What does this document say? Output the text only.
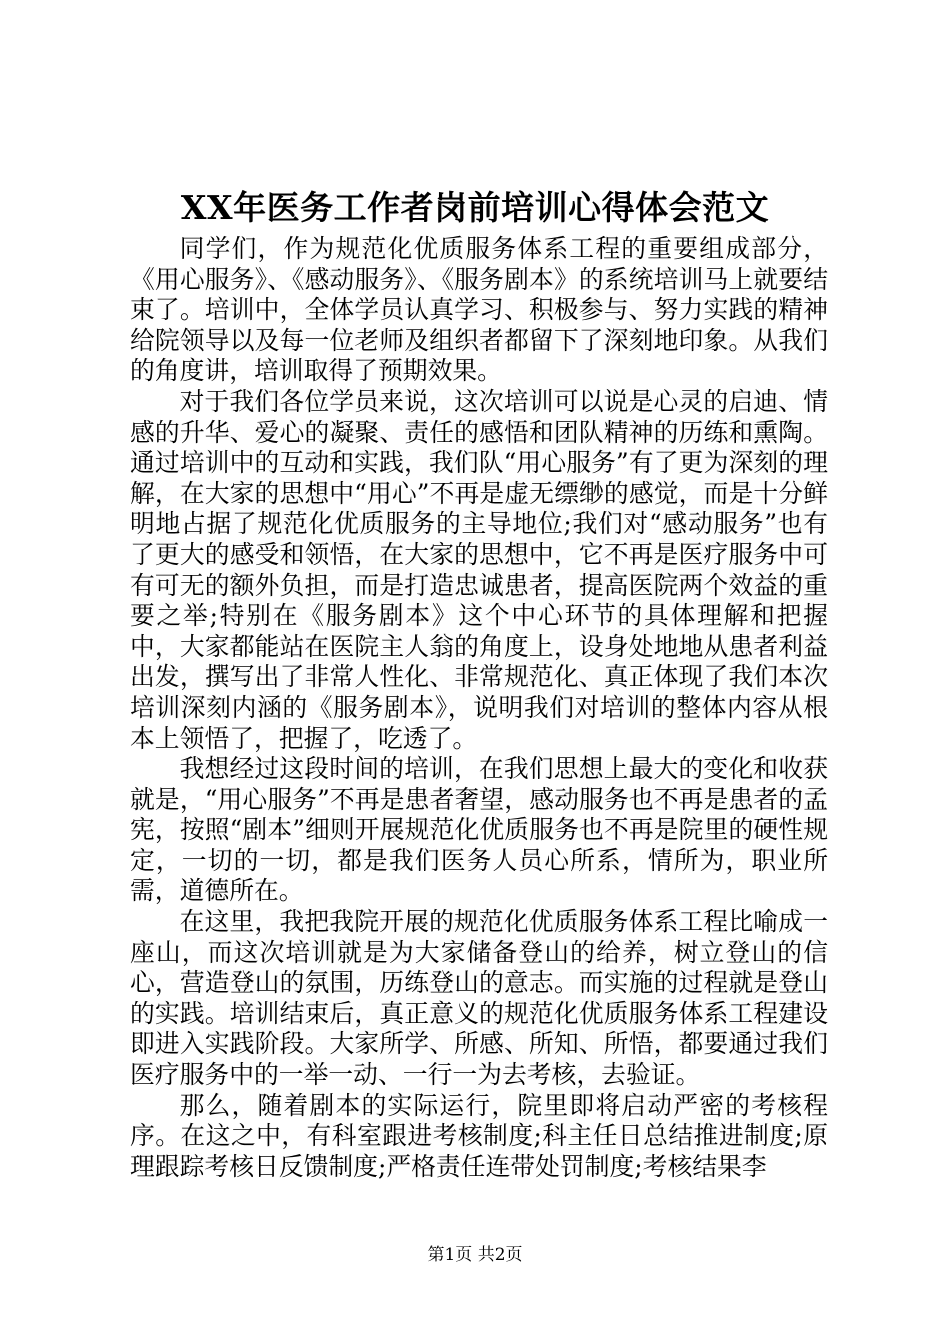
XX年医务工作者岗前培训心得体会范文

同学们，作为规范化优质服务体系工程的重要组成部分，《用心服务》、《感动服务》、《服务剧本》的系统培训马上就要结束了。培训中，全体学员认真学习、积极参与、努力实践的精神给院领导以及每一位老师及组织者都留下了深刻地印象。从我们的角度讲，培训取得了预期效果。

对于我们各位学员来说，这次培训可以说是心灵的启迪、情感的升华、爱心的凝聚、责任的感悟和团队精神的历练和熏陶。通过培训中的互动和实践，我们队“用心服务”有了更为深刻的理解，在大家的思想中“用心”不再是虚无缥缈的感觉，而是十分鲜明地占据了规范化优质服务的主导地位;我们对“感动服务”也有了更大的感受和领悟，在大家的思想中，它不再是医疗服务中可有可无的额外负担，而是打造忠诚患者，提高医院两个效益的重要之举;特别在《服务剧本》这个中心环节的具体理解和把握中，大家都能站在医院主人翁的角度上，设身处地地从患者利益出发，撰写出了非常人性化、非常规范化、真正体现了我们本次培训深刻内涵的《服务剧本》，说明我们对培训的整体内容从根本上领悟了，把握了，吃透了。

我想经过这段时间的培训，在我们思想上最大的变化和收获就是，“用心服务”不再是患者奢望，感动服务也不再是患者的孟宪，按照“剧本”细则开展规范化优质服务也不再是院里的硬性规定，一切的一切，都是我们医务人员心所系，情所为，职业所需，道德所在。

在这里，我把我院开展的规范化优质服务体系工程比喻成一座山，而这次培训就是为大家储备登山的给养，树立登山的信心，营造登山的氛围，历练登山的意志。而实施的过程就是登山的实践。培训结束后，真正意义的规范化优质服务体系工程建设即进入实践阶段。大家所学、所感、所知、所悟，都要通过我们医疗服务中的一举一动、一行一为去考核，去验证。

那么，随着剧本的实际运行，院里即将启动严密的考核程序。在这之中，有科室跟进考核制度;科主任日总结推进制度;原理跟踪考核日反馈制度;严格责任连带处罚制度;考核结果李

第1页 共2页
